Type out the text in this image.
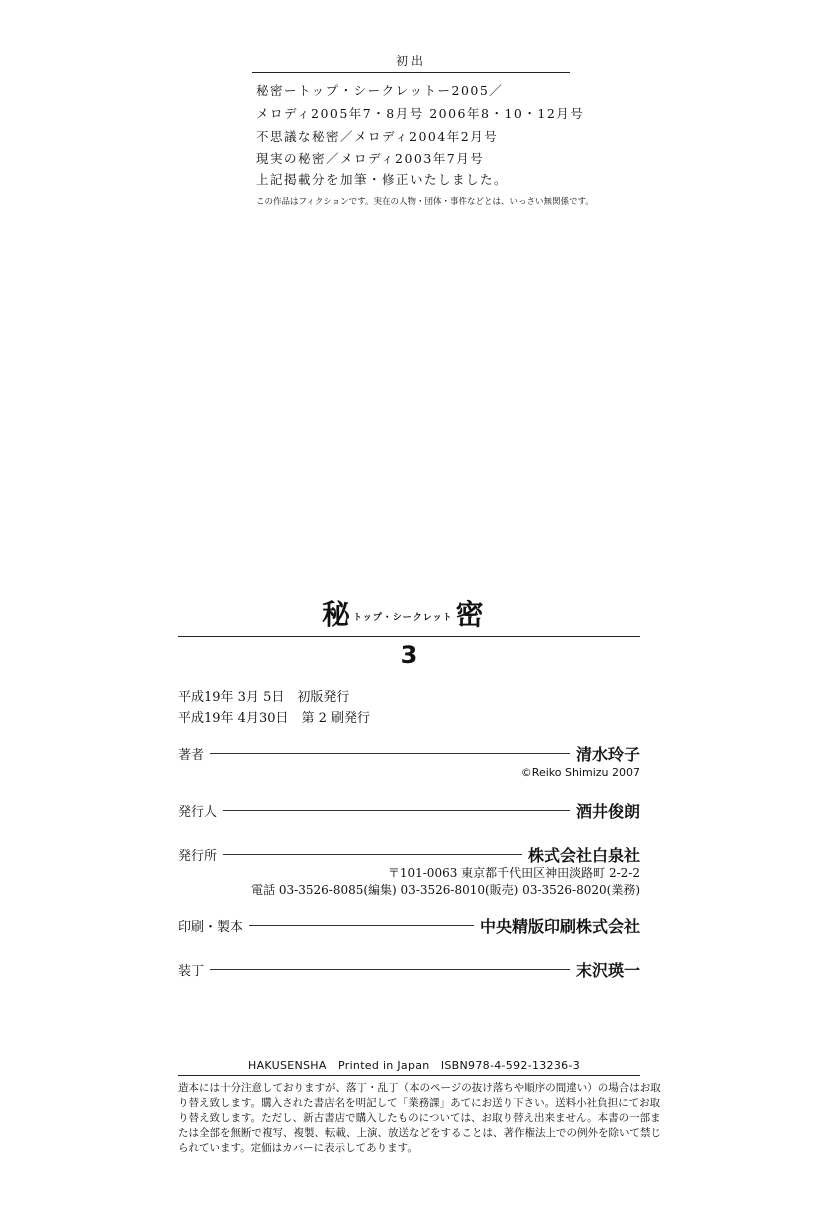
初出
秘密ートップ・シークレットー2005／
メロディ2005年7・8月号 2006年8・10・12月号
不思議な秘密／メロディ2004年2月号
現実の秘密／メロディ2003年7月号
上記掲載分を加筆・修正いたしました。
この作品はフィクションです。実在の人物・団体・事件などとは、いっさい無関係です。
秘トップ・シークレット 密
3
平成19年 3月 5日　初版発行
平成19年 4月30日　第 2 刷発行
著者	清水玲子
©Reiko Shimizu 2007
発行人	酒井俊朗
発行所	株式会社白泉社
〒101-0063 東京都千代田区神田淡路町 2-2-2
電話 03-3526-8085(編集) 03-3526-8010(販売) 03-3526-8020(業務)
印刷・製本	中央精版印刷株式会社
装丁	末沢瑛一
HAKUSENSHA　Printed in Japan　ISBN978-4-592-13236-3
造本には十分注意しておりますが、落丁・乱丁（本のページの抜け落ちや順序の間違い）の場合はお取
り替え致します。購入された書店名を明記して「業務課」あてにお送り下さい。送料小社負担にてお取
り替え致します。ただし、新古書店で購入したものについては、お取り替え出来ません。本書の一部ま
たは全部を無断で複写、複製、転載、上演、放送などをすることは、著作権法上での例外を除いて禁じ
られています。定価はカバーに表示してあります。
